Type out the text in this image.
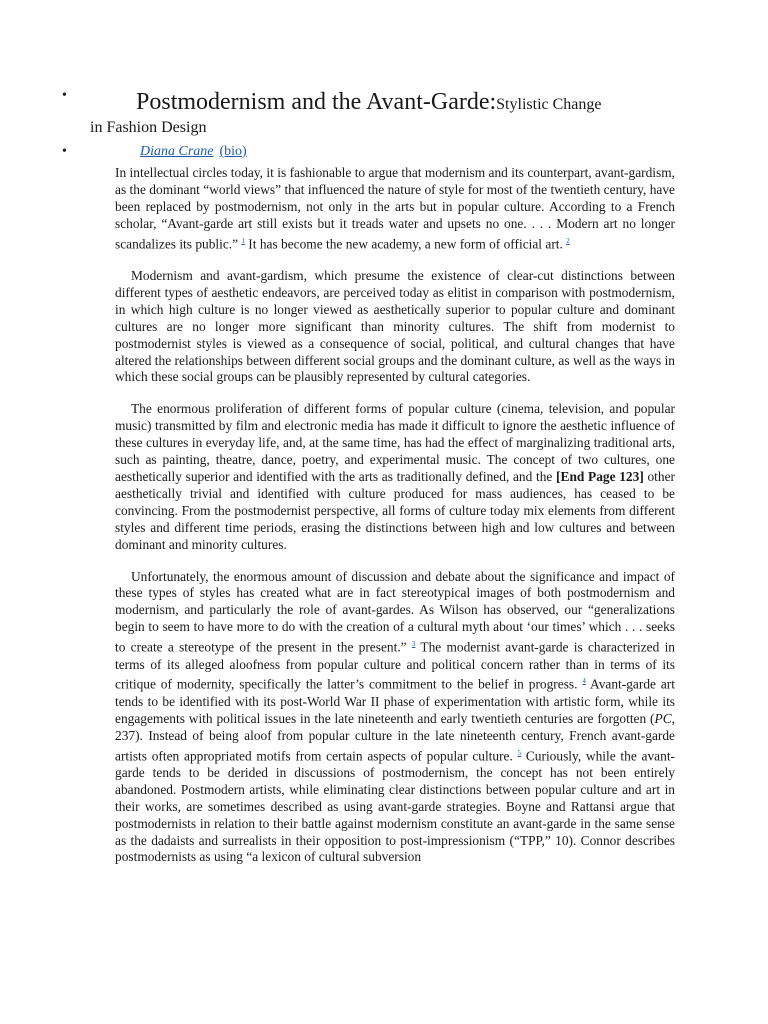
•	Postmodernism and the Avant-Garde:Stylistic Change
in Fashion Design
•	Diana Crane (bio)

In intellectual circles today, it is fashionable to argue that modernism and its counterpart, avant-gardism, as the dominant “world views” that influenced the nature of style for most of the twentieth century, have been replaced by postmodernism, not only in the arts but in popular culture. According to a French scholar, “Avant-garde art still exists but it treads water and upsets no one. . . . Modern art no longer scandalizes its public.” $^1$ It has become the new academy, a new form of official art. $^2$

Modernism and avant-gardism, which presume the existence of clear-cut distinctions between different types of aesthetic endeavors, are perceived today as elitist in comparison with postmodernism, in which high culture is no longer viewed as aesthetically superior to popular culture and dominant cultures are no longer more significant than minority cultures. The shift from modernist to postmodernist styles is viewed as a consequence of social, political, and cultural changes that have altered the relationships between different social groups and the dominant culture, as well as the ways in which these social groups can be plausibly represented by cultural categories.

The enormous proliferation of different forms of popular culture (cinema, television, and popular music) transmitted by film and electronic media has made it difficult to ignore the aesthetic influence of these cultures in everyday life, and, at the same time, has had the effect of marginalizing traditional arts, such as painting, theatre, dance, poetry, and experimental music. The concept of two cultures, one aesthetically superior and identified with the arts as traditionally defined, and the [End Page 123] other aesthetically trivial and identified with culture produced for mass audiences, has ceased to be convincing. From the postmodernist perspective, all forms of culture today mix elements from different styles and different time periods, erasing the distinctions between high and low cultures and between dominant and minority cultures.

Unfortunately, the enormous amount of discussion and debate about the significance and impact of these types of styles has created what are in fact stereotypical images of both postmodernism and modernism, and particularly the role of avant-gardes. As Wilson has observed, our “generalizations begin to seem to have more to do with the creation of a cultural myth about ‘our times’ which . . . seeks to create a stereotype of the present in the present.” $^3$ The modernist avant-garde is characterized in terms of its alleged aloofness from popular culture and political concern rather than in terms of its critique of modernity, specifically the latter’s commitment to the belief in progress. $^4$ Avant-garde art tends to be identified with its post-World War II phase of experimentation with artistic form, while its engagements with political issues in the late nineteenth and early twentieth centuries are forgotten (PC, 237). Instead of being aloof from popular culture in the late nineteenth century, French avant-garde artists often appropriated motifs from certain aspects of popular culture. $^5$ Curiously, while the avant-garde tends to be derided in discussions of postmodernism, the concept has not been entirely abandoned. Postmodern artists, while eliminating clear distinctions between popular culture and art in their works, are sometimes described as using avant-garde strategies. Boyne and Rattansi argue that postmodernists in relation to their battle against modernism constitute an avant-garde in the same sense as the dadaists and surrealists in their opposition to post-impressionism (“TPP,” 10). Connor describes postmodernists as using “a lexicon of cultural subversion
